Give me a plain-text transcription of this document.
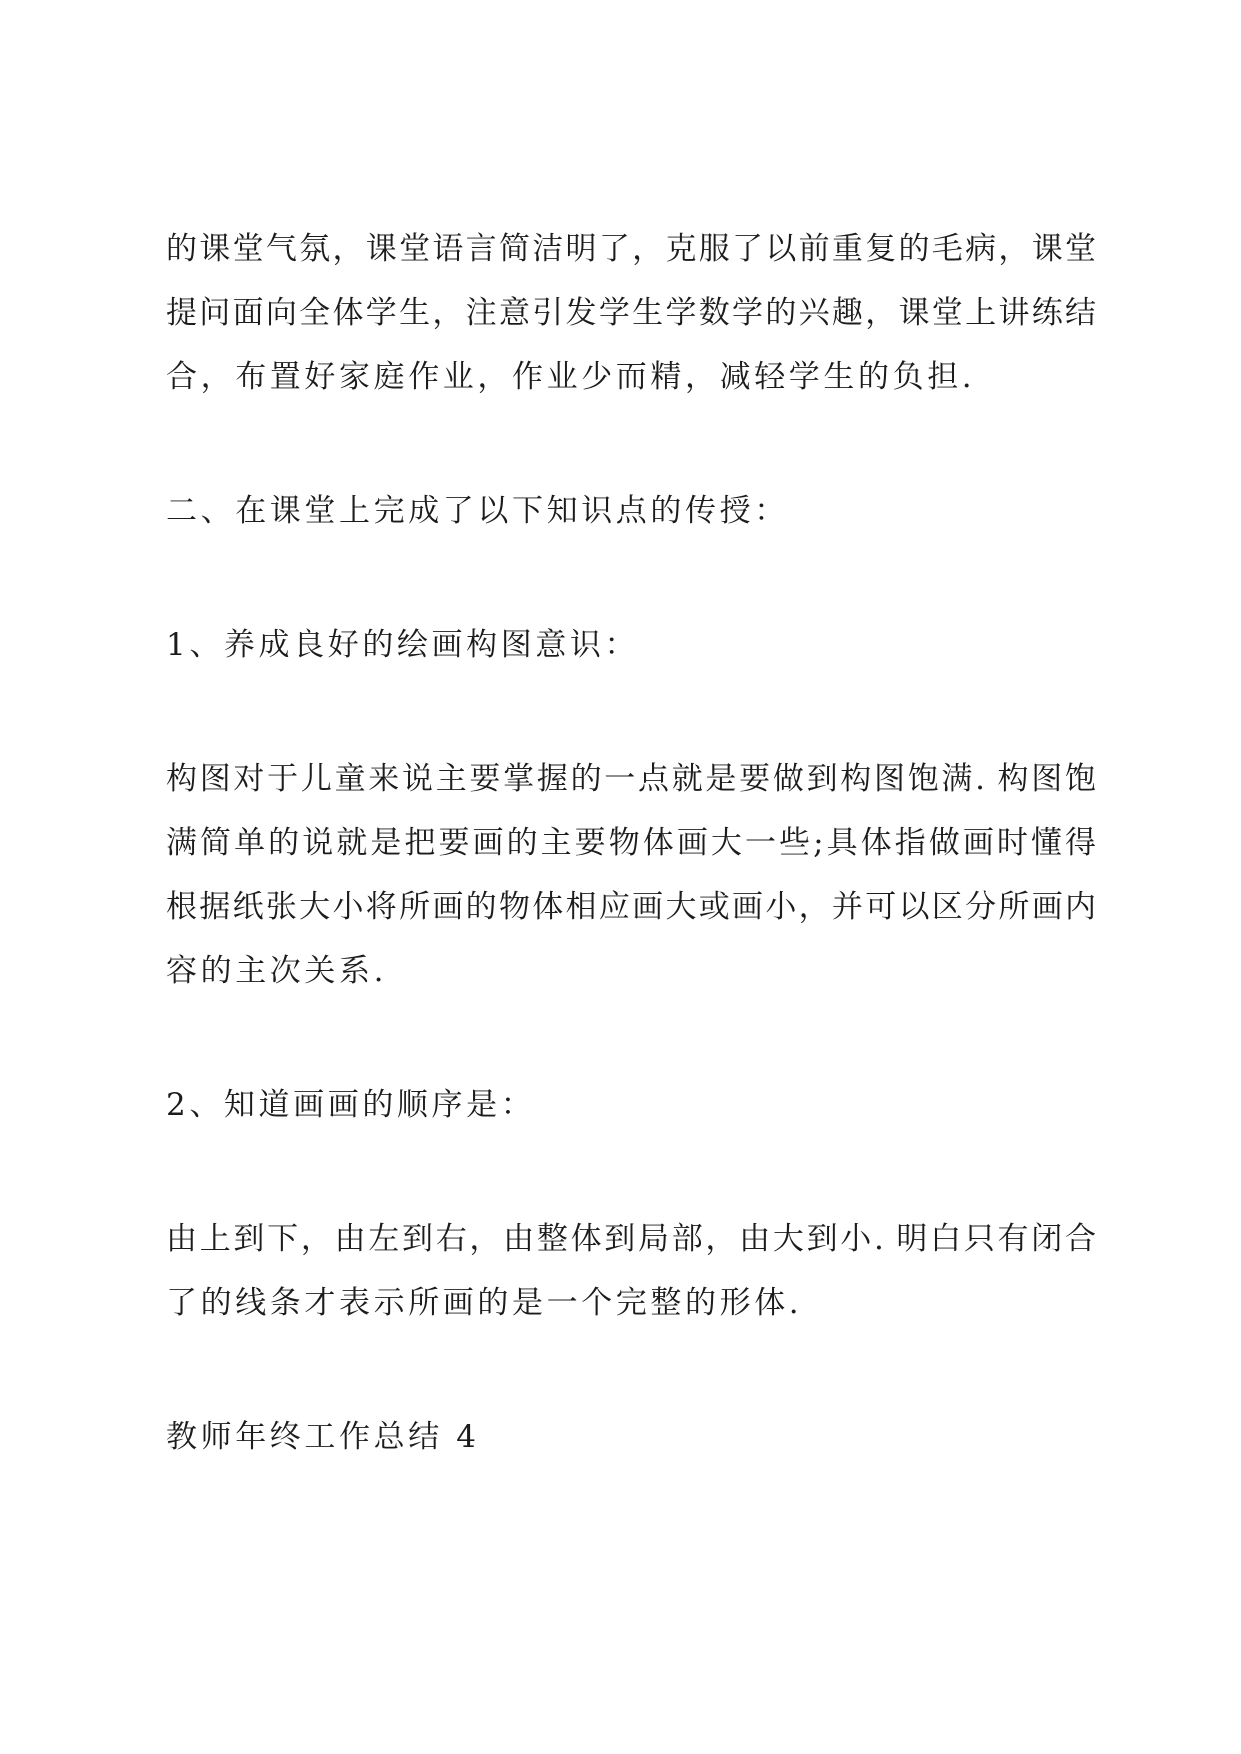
的课堂气氛，课堂语言简洁明了，克服了以前重复的毛病，课堂
提问面向全体学生，注意引发学生学数学的兴趣，课堂上讲练结
合，布置好家庭作业，作业少而精，减轻学生的负担.
二、在课堂上完成了以下知识点的传授：
1、养成良好的绘画构图意识：
构图对于儿童来说主要掌握的一点就是要做到构图饱满. 构图饱
满简单的说就是把要画的主要物体画大一些;具体指做画时懂得
根据纸张大小将所画的物体相应画大或画小，并可以区分所画内
容的主次关系.
2、知道画画的顺序是：
由上到下，由左到右，由整体到局部，由大到小. 明白只有闭合
了的线条才表示所画的是一个完整的形体.
教师年终工作总结 4
